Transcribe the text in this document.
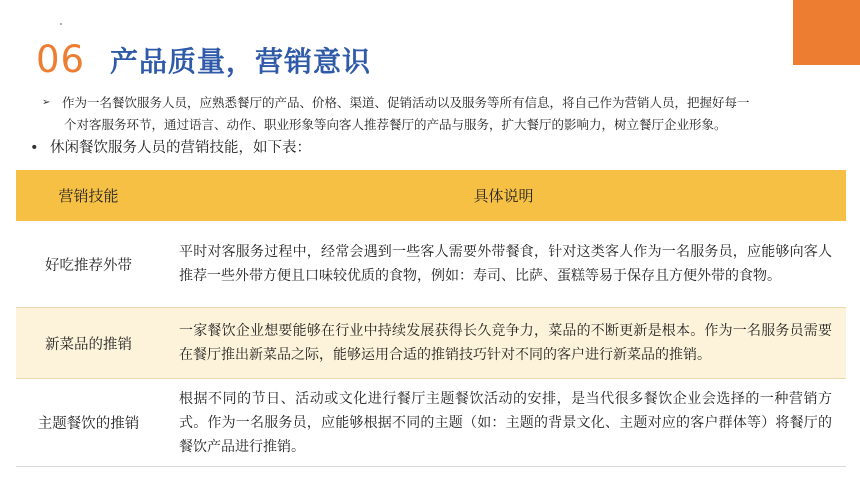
06 产品质量，营销意识
➢ 作为一名餐饮服务人员，应熟悉餐厅的产品、价格、渠道、促销活动以及服务等所有信息，将自己作为营销人员，把握好每一
个对客服务环节，通过语言、动作、职业形象等向客人推荐餐厅的产品与服务，扩大餐厅的影响力，树立餐厅企业形象。
• 休闲餐饮服务人员的营销技能，如下表：
营销技能	具体说明
好吃推荐外带	平时对客服务过程中，经常会遇到一些客人需要外带餐食，针对这类客人作为一名服务员，应能够向客人推荐一些外带方便且口味较优质的食物，例如：寿司、比萨、蛋糕等易于保存且方便外带的食物。
新菜品的推销	一家餐饮企业想要能够在行业中持续发展获得长久竞争力，菜品的不断更新是根本。作为一名服务员需要在餐厅推出新菜品之际，能够运用合适的推销技巧针对不同的客户进行新菜品的推销。
主题餐饮的推销	根据不同的节日、活动或文化进行餐厅主题餐饮活动的安排，是当代很多餐饮企业会选择的一种营销方式。作为一名服务员，应能够根据不同的主题（如：主题的背景文化、主题对应的客户群体等）将餐厅的餐饮产品进行推销。
